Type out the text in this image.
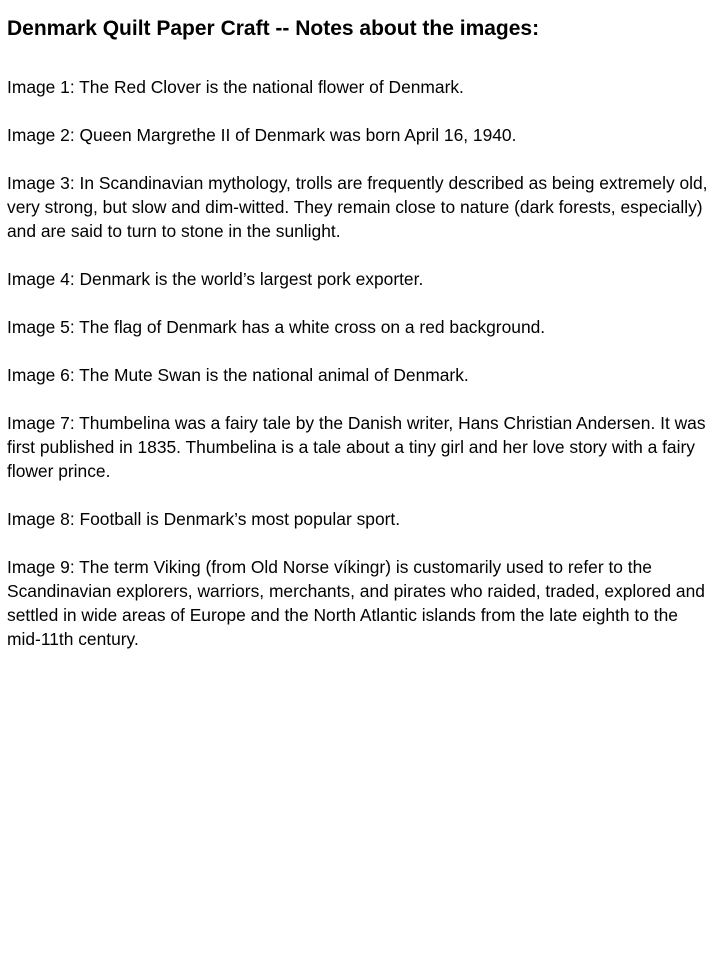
Denmark Quilt Paper Craft -- Notes about the images:
Image 1: The Red Clover is the national flower of Denmark.
Image 2: Queen Margrethe II of Denmark was born April 16, 1940.
Image 3: In Scandinavian mythology, trolls are frequently described as being extremely old, very strong, but slow and dim-witted. They remain close to nature (dark forests, especially) and are said to turn to stone in the sunlight.
Image 4: Denmark is the world’s largest pork exporter.
Image 5: The flag of Denmark has a white cross on a red background.
Image 6: The Mute Swan is the national animal of Denmark.
Image 7: Thumbelina was a fairy tale by the Danish writer, Hans Christian Andersen. It was first published in 1835. Thumbelina is a tale about a tiny girl and her love story with a fairy flower prince.
Image 8: Football is Denmark’s most popular sport.
Image 9: The term Viking (from Old Norse víkingr) is customarily used to refer to the Scandinavian explorers, warriors, merchants, and pirates who raided, traded, explored and settled in wide areas of Europe and the North Atlantic islands from the late eighth to the mid-11th century.
